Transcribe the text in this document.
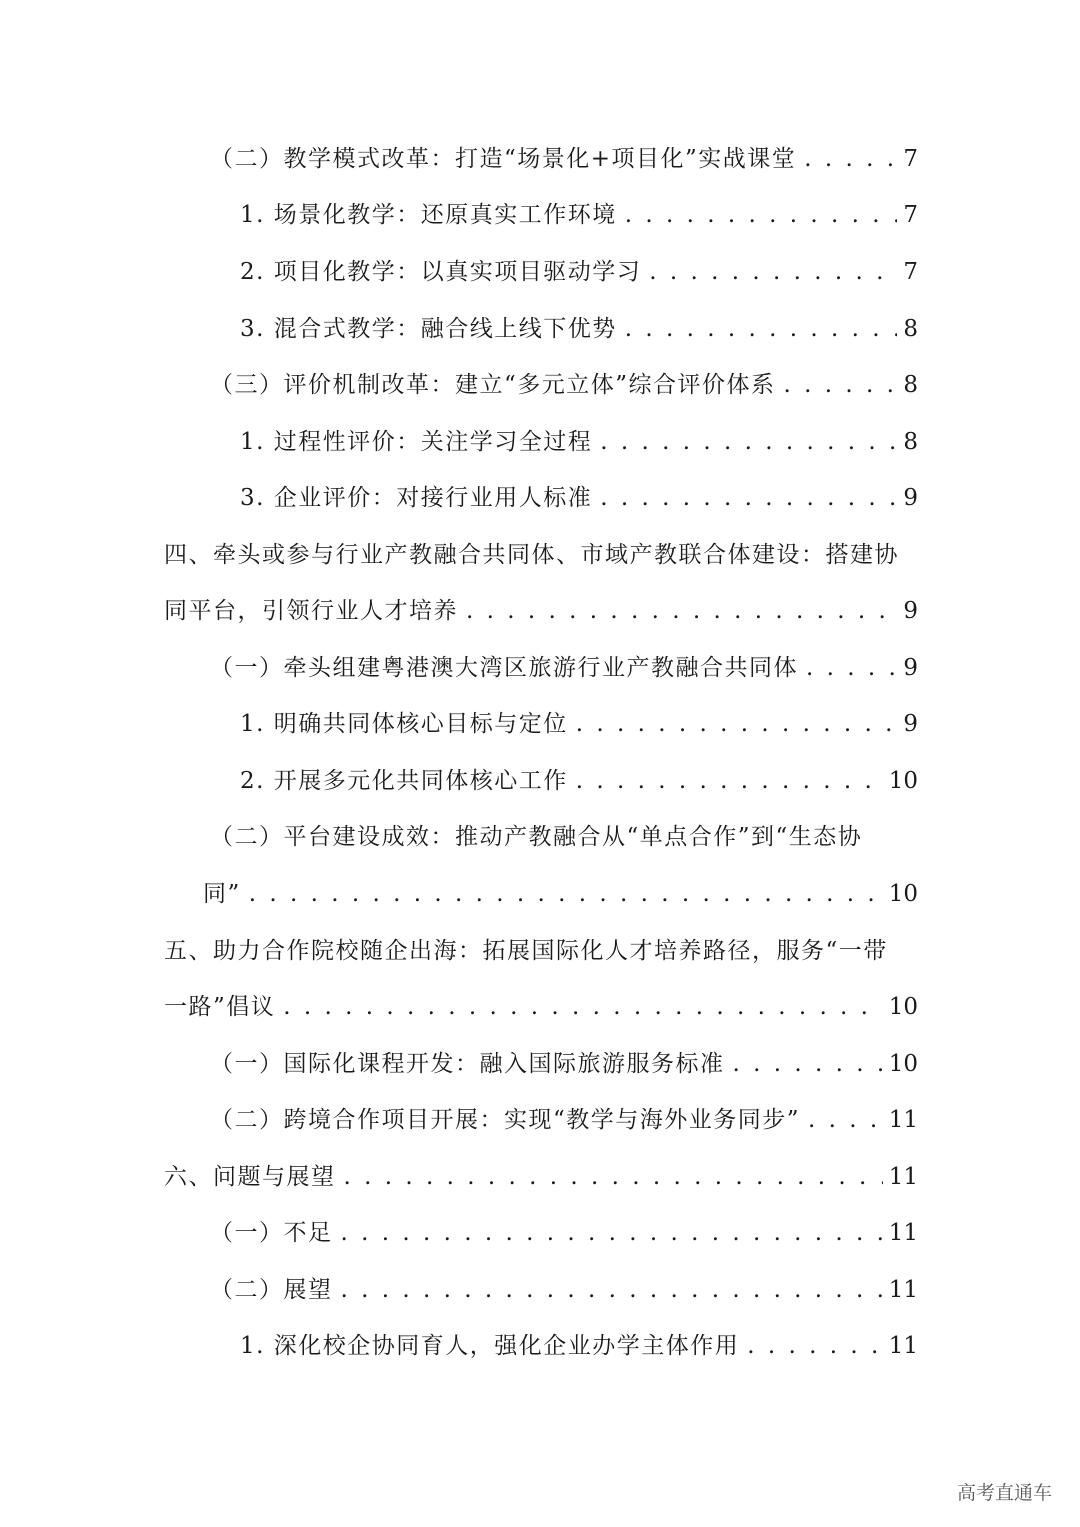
（二）教学模式改革：打造“场景化+项目化”实战课堂 . . .	7
1. 场景化教学：还原真实工作环境 . . .	7
2. 项目化教学：以真实项目驱动学习 . . .	7
3. 混合式教学：融合线上线下优势 . . .	8
（三）评价机制改革：建立“多元立体”综合评价体系 . . .	8
1. 过程性评价：关注学习全过程 . . .	8
3. 企业评价：对接行业用人标准 . . .	9
四、牵头或参与行业产教融合共同体、市域产教联合体建设：搭建协
同平台，引领行业人才培养 . . .	9
（一）牵头组建粤港澳大湾区旅游行业产教融合共同体 . . .	9
1. 明确共同体核心目标与定位 . . .	9
2. 开展多元化共同体核心工作 . . .	10
（二）平台建设成效：推动产教融合从“单点合作”到“生态协
同” . . .	10
五、助力合作院校随企出海：拓展国际化人才培养路径，服务“一带
一路”倡议 . . .	10
（一）国际化课程开发：融入国际旅游服务标准 . . .	10
（二）跨境合作项目开展：实现“教学与海外业务同步” . . .	11
六、问题与展望 . . .	11
（一）不足 . . .	11
（二）展望 . . .	11
1. 深化校企协同育人，强化企业办学主体作用 . . .	11
高考直通车
